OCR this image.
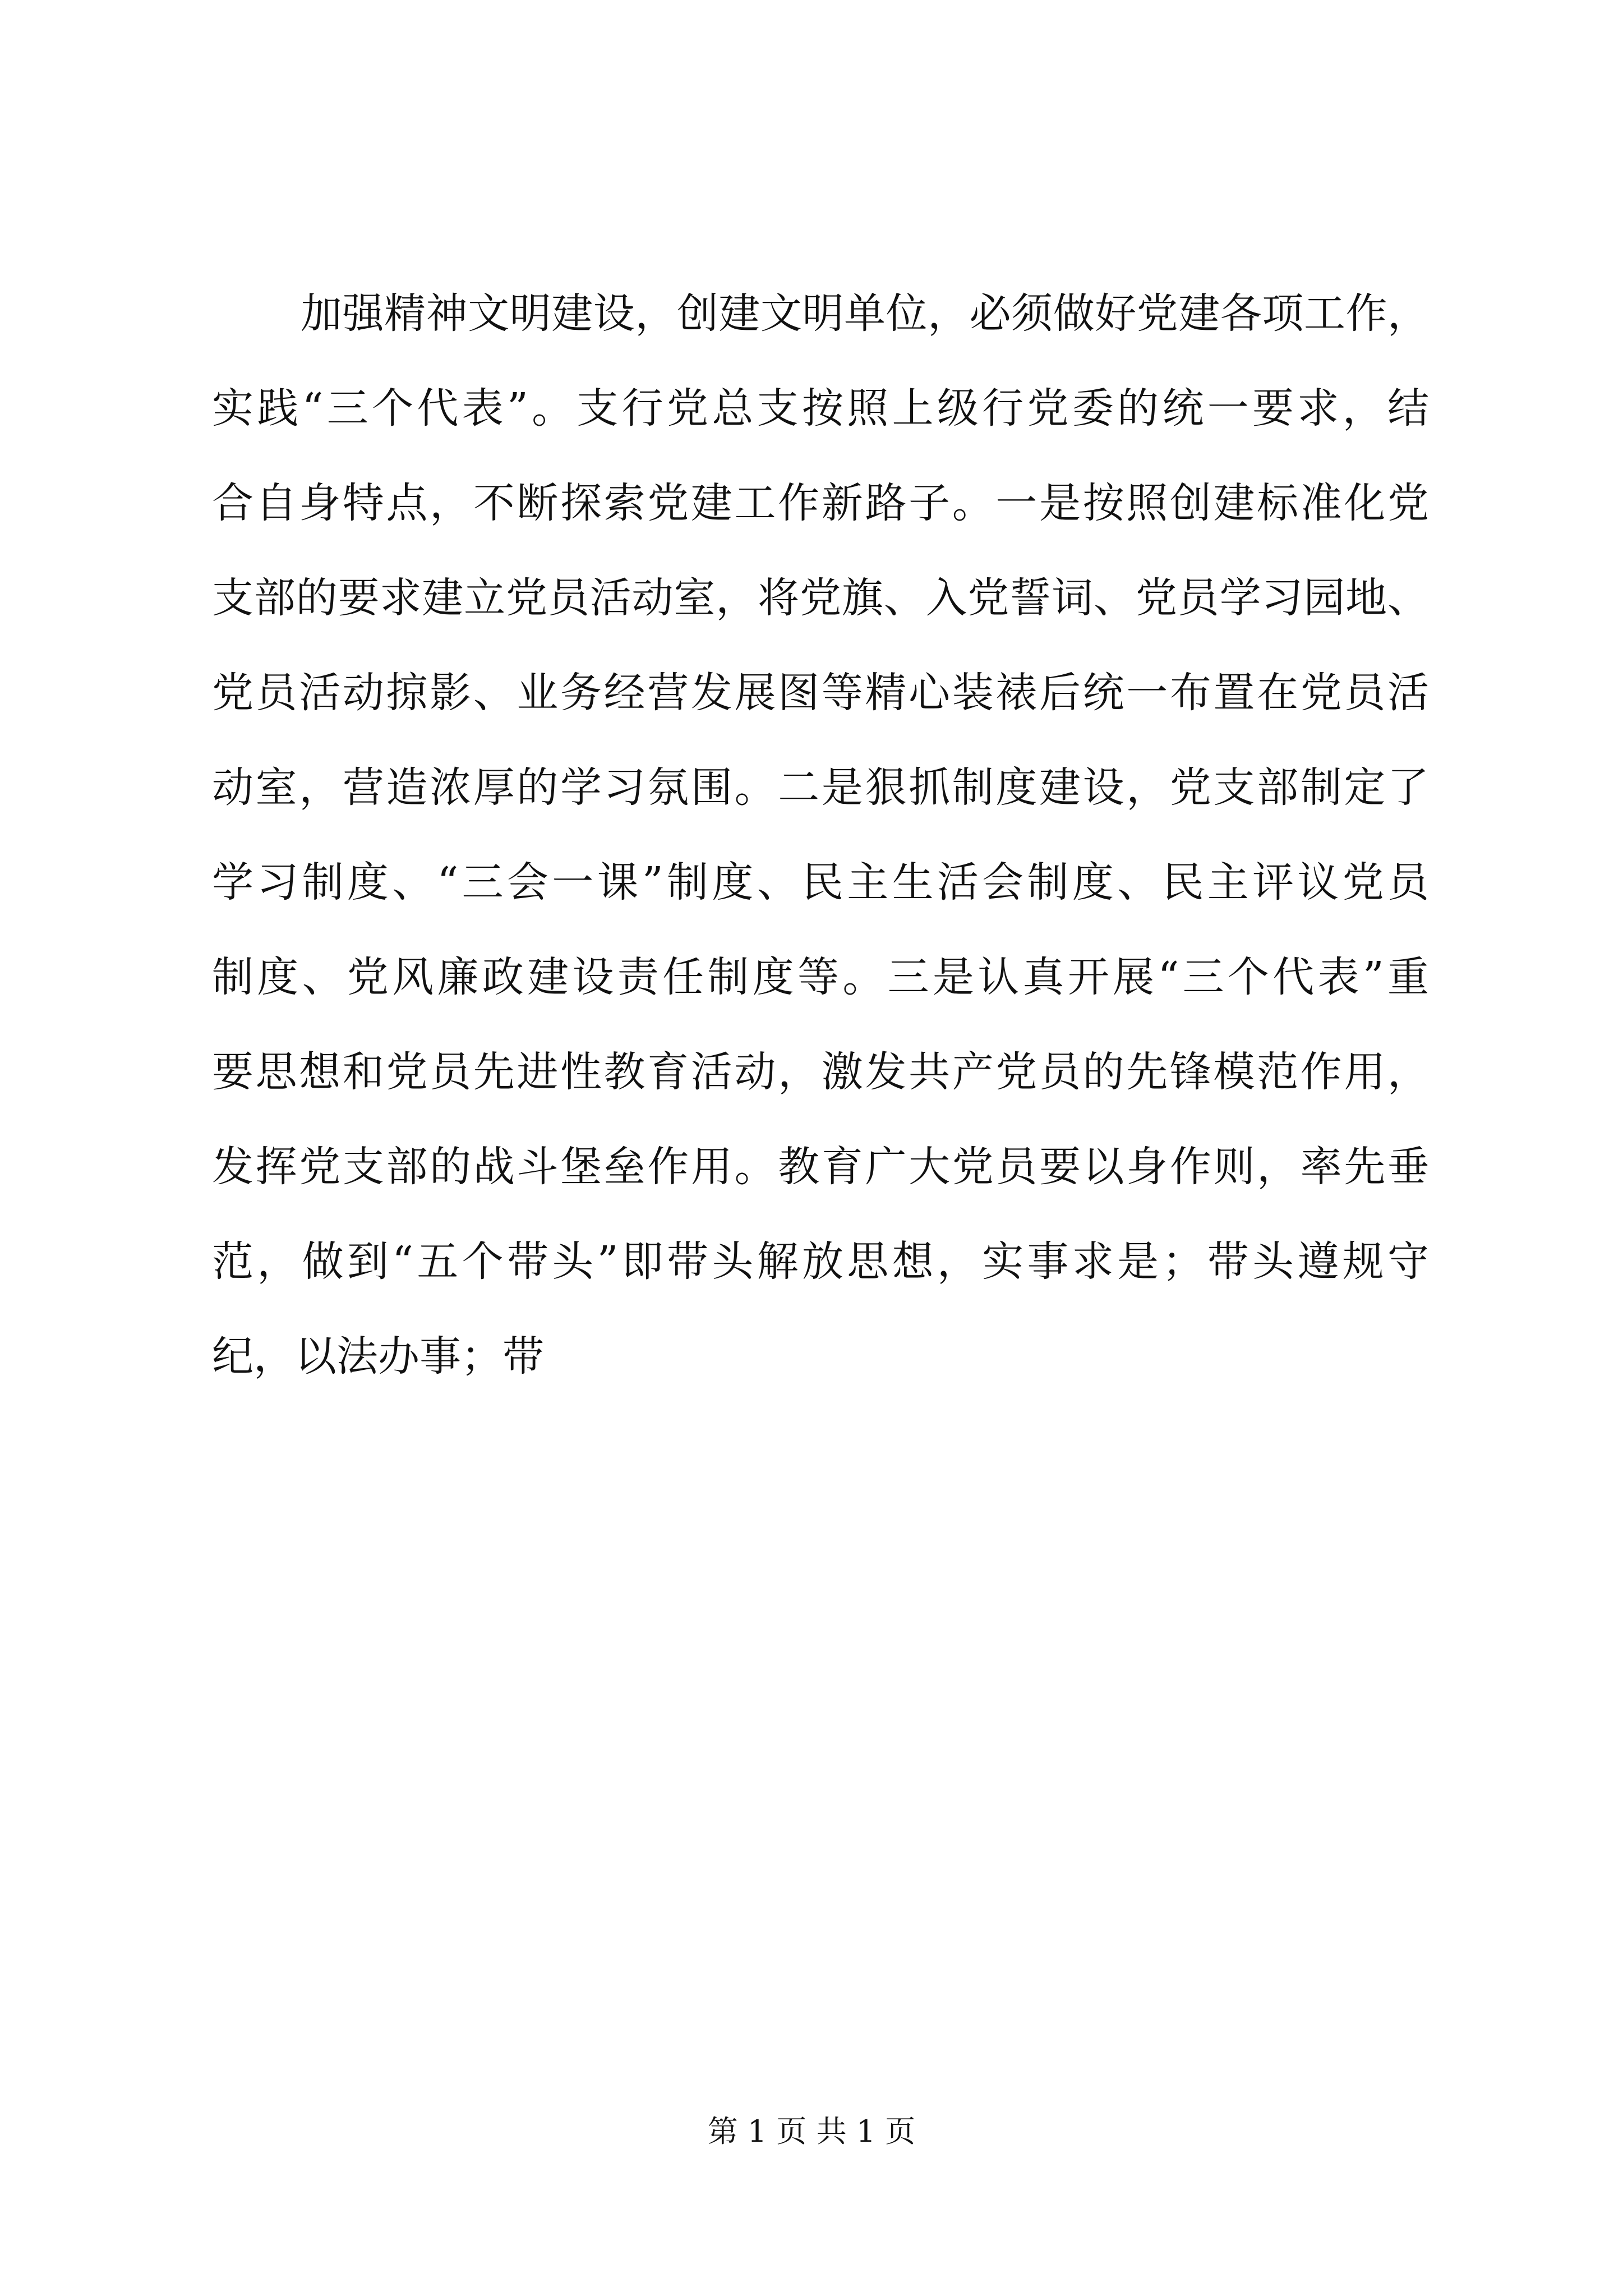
加强精神文明建设，创建文明单位，必须做好党建各项工作，
实践“三个代表”。支行党总支按照上级行党委的统一要求，结
合自身特点，不断探索党建工作新路子。一是按照创建标准化党
支部的要求建立党员活动室，将党旗、入党誓词、党员学习园地、
党员活动掠影、业务经营发展图等精心装裱后统一布置在党员活
动室，营造浓厚的学习氛围。二是狠抓制度建设，党支部制定了
学习制度、“三会一课”制度、民主生活会制度、民主评议党员
制度、党风廉政建设责任制度等。三是认真开展“三个代表”重
要思想和党员先进性教育活动，激发共产党员的先锋模范作用，
发挥党支部的战斗堡垒作用。教育广大党员要以身作则，率先垂
范，做到“五个带头”即带头解放思想，实事求是；带头遵规守
纪，以法办事；带
第 1 页 共 1 页
